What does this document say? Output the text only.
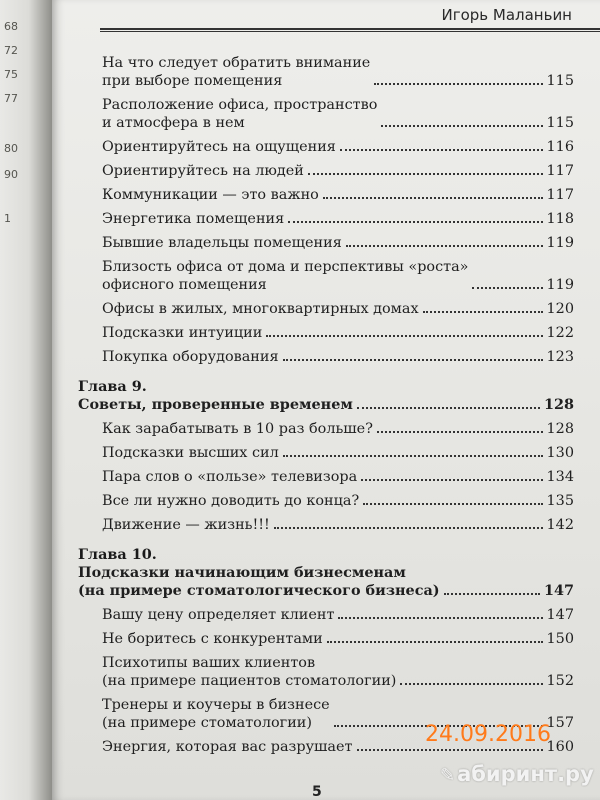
68
72
75
77
80
90
1
Игорь Маланьин
На что следует обратить внимание
при выборе помещения	115
Расположение офиса, пространство
и атмосфера в нем	115
Ориентируйтесь на ощущения	116
Ориентируйтесь на людей	117
Коммуникации — это важно	117
Энергетика помещения	118
Бывшие владельцы помещения	119
Близость офиса от дома и перспективы «роста»
офисного помещения	119
Офисы в жилых, многоквартирных домах	120
Подсказки интуиции	122
Покупка оборудования	123
Глава 9.
Советы, проверенные временем	128
Как зарабатывать в 10 раз больше?	128
Подсказки высших сил	130
Пара слов о «пользе» телевизора	134
Все ли нужно доводить до конца?	135
Движение — жизнь!!!	142
Глава 10.
Подсказки начинающим бизнесменам
(на примере стоматологического бизнеса)	147
Вашу цену определяет клиент	147
Не боритесь с конкурентами	150
Психотипы ваших клиентов
(на примере пациентов стоматологии)	152
Тренеры и коучеры в бизнесе
(на примере стоматологии)	157
Энергия, которая вас разрушает	160
5
24.09.2016
✎абиринт.ру
